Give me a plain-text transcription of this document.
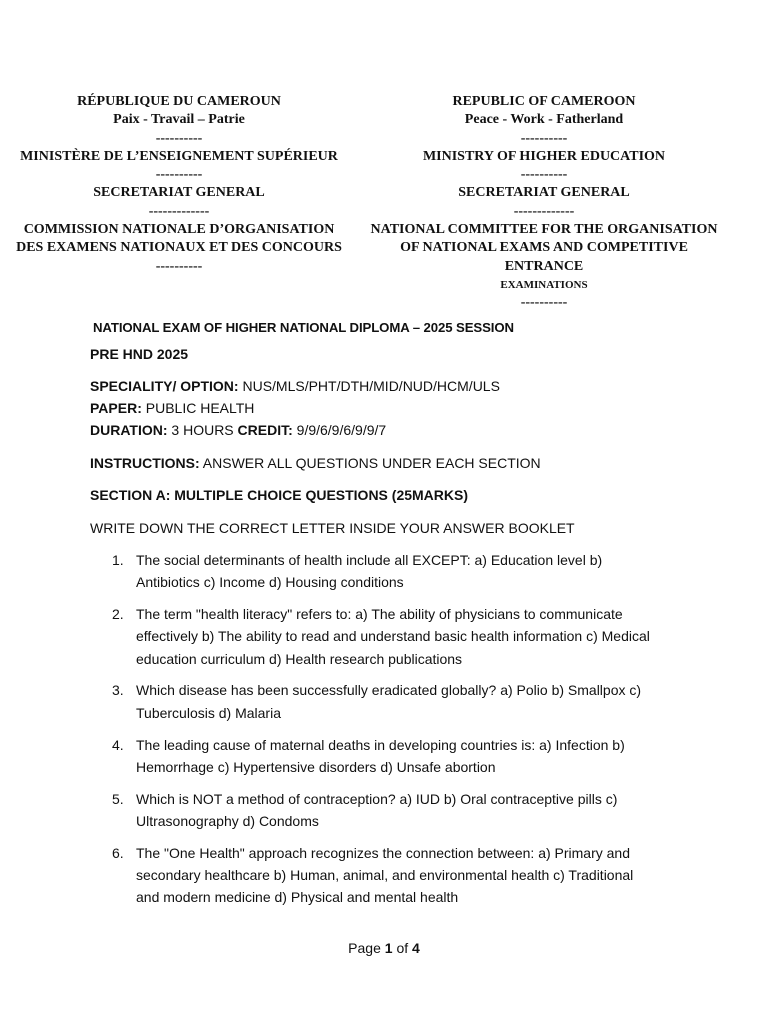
RÉPUBLIQUE DU CAMEROUN
Paix - Travail – Patrie
----------
MINISTÈRE DE L’ENSEIGNEMENT SUPÉRIEUR
----------
SECRETARIAT GENERAL
-------------
COMMISSION NATIONALE D’ORGANISATION
DES EXAMENS NATIONAUX ET DES CONCOURS
----------
REPUBLIC OF CAMEROON
Peace - Work - Fatherland
----------
MINISTRY OF HIGHER EDUCATION
----------
SECRETARIAT GENERAL
-------------
NATIONAL COMMITTEE FOR THE ORGANISATION
OF NATIONAL EXAMS AND COMPETITIVE ENTRANCE
EXAMINATIONS
----------
NATIONAL EXAM OF HIGHER NATIONAL DIPLOMA – 2025 SESSION
PRE HND 2025
SPECIALITY/ OPTION: NUS/MLS/PHT/DTH/MID/NUD/HCM/ULS
PAPER: PUBLIC HEALTH
DURATION: 3 HOURS CREDIT: 9/9/6/9/6/9/9/7
INSTRUCTIONS: ANSWER ALL QUESTIONS UNDER EACH SECTION
SECTION A: MULTIPLE CHOICE QUESTIONS (25MARKS)
WRITE DOWN THE CORRECT LETTER INSIDE YOUR ANSWER BOOKLET
1. The social determinants of health include all EXCEPT: a) Education level b)
Antibiotics c) Income d) Housing conditions
2. The term "health literacy" refers to: a) The ability of physicians to communicate
effectively b) The ability to read and understand basic health information c) Medical
education curriculum d) Health research publications
3. Which disease has been successfully eradicated globally? a) Polio b) Smallpox c)
Tuberculosis d) Malaria
4. The leading cause of maternal deaths in developing countries is: a) Infection b)
Hemorrhage c) Hypertensive disorders d) Unsafe abortion
5. Which is NOT a method of contraception? a) IUD b) Oral contraceptive pills c)
Ultrasonography d) Condoms
6. The "One Health" approach recognizes the connection between: a) Primary and
secondary healthcare b) Human, animal, and environmental health c) Traditional
and modern medicine d) Physical and mental health
Page 1 of 4
